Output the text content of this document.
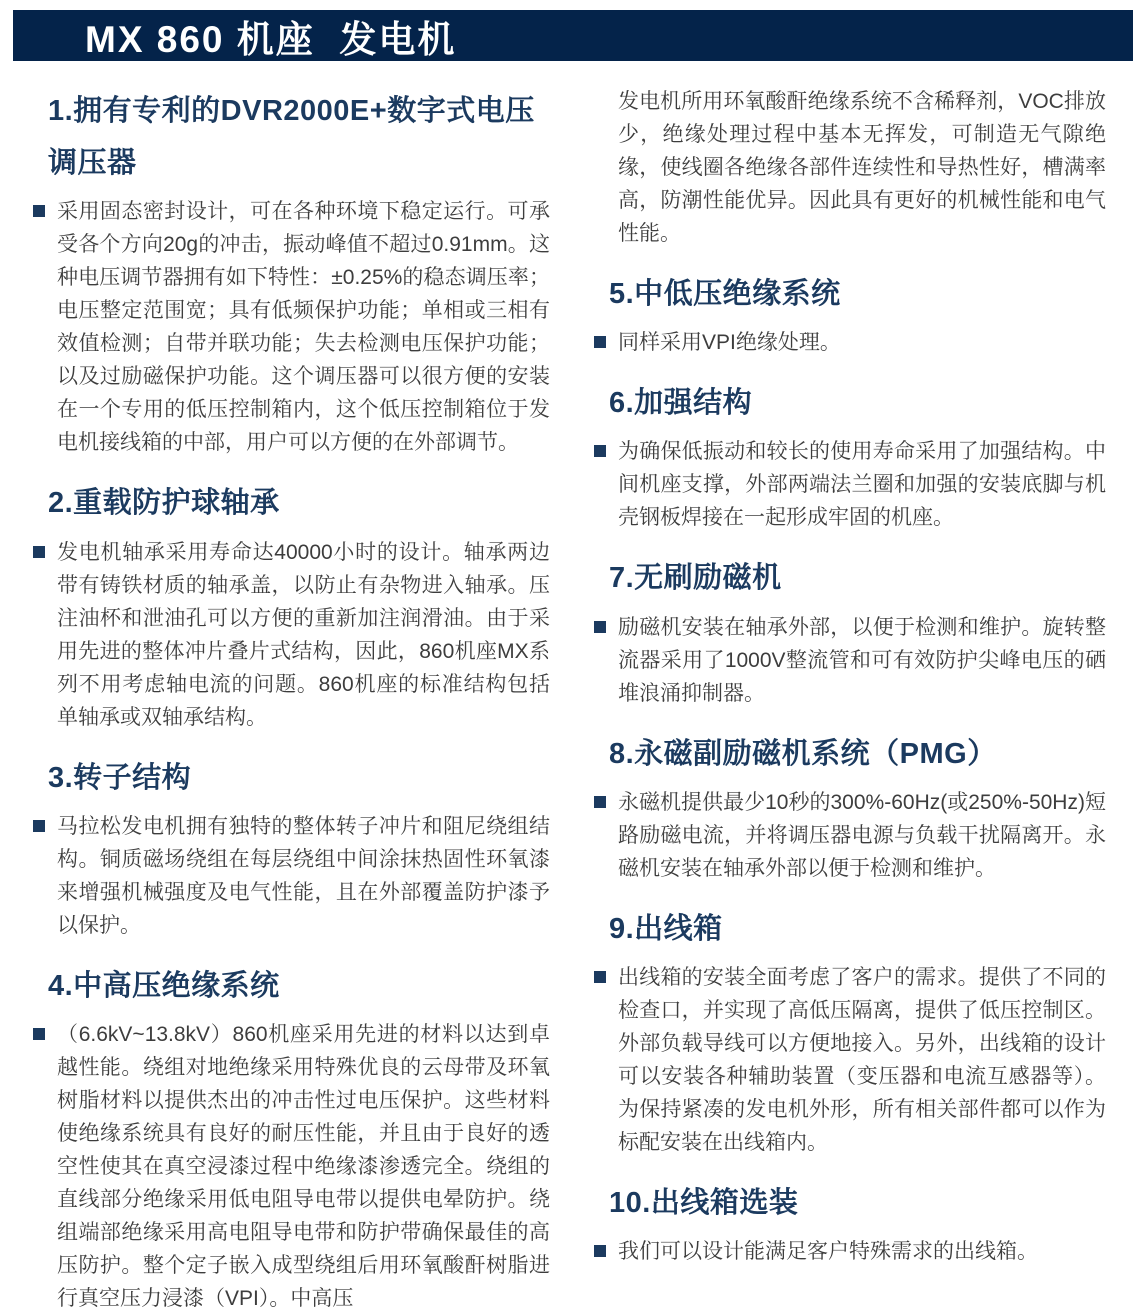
MX 860 机座  发电机
1.拥有专利的DVR2000E+数字式电压调压器

采用固态密封设计，可在各种环境下稳定运行。可承受各个方向20g的冲击，振动峰值不超过0.91mm。这种电压调节器拥有如下特性：±0.25%的稳态调压率；电压整定范围宽；具有低频保护功能；单相或三相有效值检测；自带并联功能；失去检测电压保护功能；以及过励磁保护功能。这个调压器可以很方便的安装在一个专用的低压控制箱内，这个低压控制箱位于发电机接线箱的中部，用户可以方便的在外部调节。

2.重载防护球轴承

发电机轴承采用寿命达40000小时的设计。轴承两边带有铸铁材质的轴承盖，以防止有杂物进入轴承。压注油杯和泄油孔可以方便的重新加注润滑油。由于采用先进的整体冲片叠片式结构，因此，860机座MX系列不用考虑轴电流的问题。860机座的标准结构包括单轴承或双轴承结构。

3.转子结构

马拉松发电机拥有独特的整体转子冲片和阻尼绕组结构。铜质磁场绕组在每层绕组中间涂抹热固性环氧漆来增强机械强度及电气性能，且在外部覆盖防护漆予以保护。

4.中高压绝缘系统

（6.6kV~13.8kV）860机座采用先进的材料以达到卓越性能。绕组对地绝缘采用特殊优良的云母带及环氧树脂材料以提供杰出的冲击性过电压保护。这些材料使绝缘系统具有良好的耐压性能，并且由于良好的透空性使其在真空浸漆过程中绝缘漆渗透完全。绕组的直线部分绝缘采用低电阻导电带以提供电晕防护。绕组端部绝缘采用高电阻导电带和防护带确保最佳的高压防护。整个定子嵌入成型绕组后用环氧酸酐树脂进行真空压力浸漆（VPI）。中高压

发电机所用环氧酸酐绝缘系统不含稀释剂，VOC排放少，绝缘处理过程中基本无挥发，可制造无气隙绝缘，使线圈各绝缘各部件连续性和导热性好，槽满率高，防潮性能优异。因此具有更好的机械性能和电气性能。

5.中低压绝缘系统

同样采用VPI绝缘处理。

6.加强结构

为确保低振动和较长的使用寿命采用了加强结构。中间机座支撑，外部两端法兰圈和加强的安装底脚与机壳钢板焊接在一起形成牢固的机座。

7.无刷励磁机

励磁机安装在轴承外部，以便于检测和维护。旋转整流器采用了1000V整流管和可有效防护尖峰电压的硒堆浪涌抑制器。

8.永磁副励磁机系统（PMG）

永磁机提供最少10秒的300%-60Hz(或250%-50Hz)短路励磁电流，并将调压器电源与负载干扰隔离开。永磁机安装在轴承外部以便于检测和维护。

9.出线箱

出线箱的安装全面考虑了客户的需求。提供了不同的检查口，并实现了高低压隔离，提供了低压控制区。外部负载导线可以方便地接入。另外，出线箱的设计可以安装各种辅助装置（变压器和电流互感器等）。为保持紧凑的发电机外形，所有相关部件都可以作为标配安装在出线箱内。

10.出线箱选装

我们可以设计能满足客户特殊需求的出线箱。
